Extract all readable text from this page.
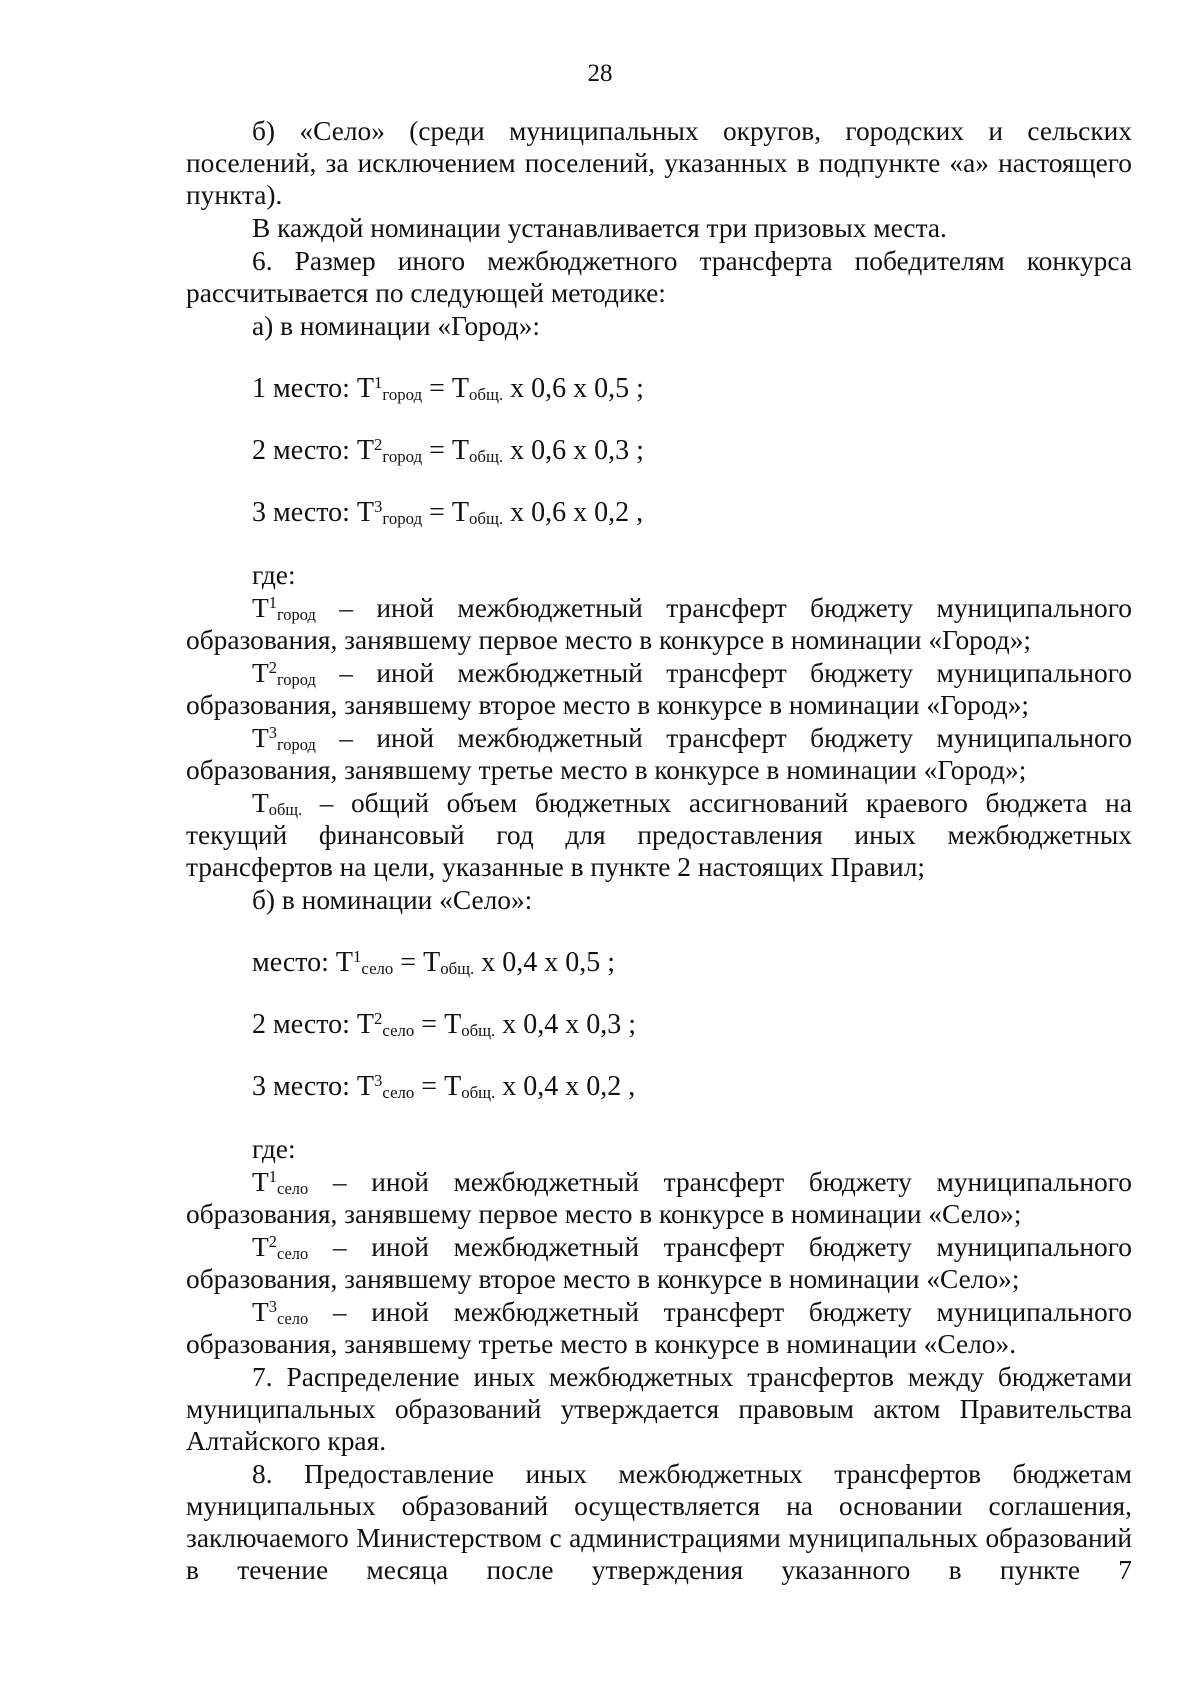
28

б) «Село» (среди муниципальных округов, городских и сельских поселений, за исключением поселений, указанных в подпункте «а» настоящего пункта).

В каждой номинации устанавливается три призовых места.

6. Размер иного межбюджетного трансферта победителям конкурса рассчитывается по следующей методике:

а) в номинации «Город»:

1 место: $T^1_{город} = T_{общ.}$ x 0,6 x 0,5 ;
2 место: $T^2_{город} = T_{общ.}$ x 0,6 x 0,3 ;
3 место: $T^3_{город} = T_{общ.}$ x 0,6 x 0,2 ,

где:

$T^1_{город}$ – иной межбюджетный трансферт бюджету муниципального образования, занявшему первое место в конкурсе в номинации «Город»;

$T^2_{город}$ – иной межбюджетный трансферт бюджету муниципального образования, занявшему второе место в конкурсе в номинации «Город»;

$T^3_{город}$ – иной межбюджетный трансферт бюджету муниципального образования, занявшему третье место в конкурсе в номинации «Город»;

$T_{общ.}$ – общий объем бюджетных ассигнований краевого бюджета на текущий финансовый год для предоставления иных межбюджетных трансфертов на цели, указанные в пункте 2 настоящих Правил;

б) в номинации «Село»:

место: $T^1_{село} = T_{общ.}$ x 0,4 x 0,5 ;
2 место: $T^2_{село} = T_{общ.}$ x 0,4 x 0,3 ;
3 место: $T^3_{село} = T_{общ.}$ x 0,4 x 0,2 ,

где:

$T^1_{село}$ – иной межбюджетный трансферт бюджету муниципального образования, занявшему первое место в конкурсе в номинации «Село»;

$T^2_{село}$ – иной межбюджетный трансферт бюджету муниципального образования, занявшему второе место в конкурсе в номинации «Село»;

$T^3_{село}$ – иной межбюджетный трансферт бюджету муниципального образования, занявшему третье место в конкурсе в номинации «Село».

7. Распределение иных межбюджетных трансфертов между бюджетами муниципальных образований утверждается правовым актом Правительства Алтайского края.

8. Предоставление иных межбюджетных трансфертов бюджетам муниципальных образований осуществляется на основании соглашения, заключаемого Министерством с администрациями муниципальных образований в течение месяца после утверждения указанного в пункте 7
